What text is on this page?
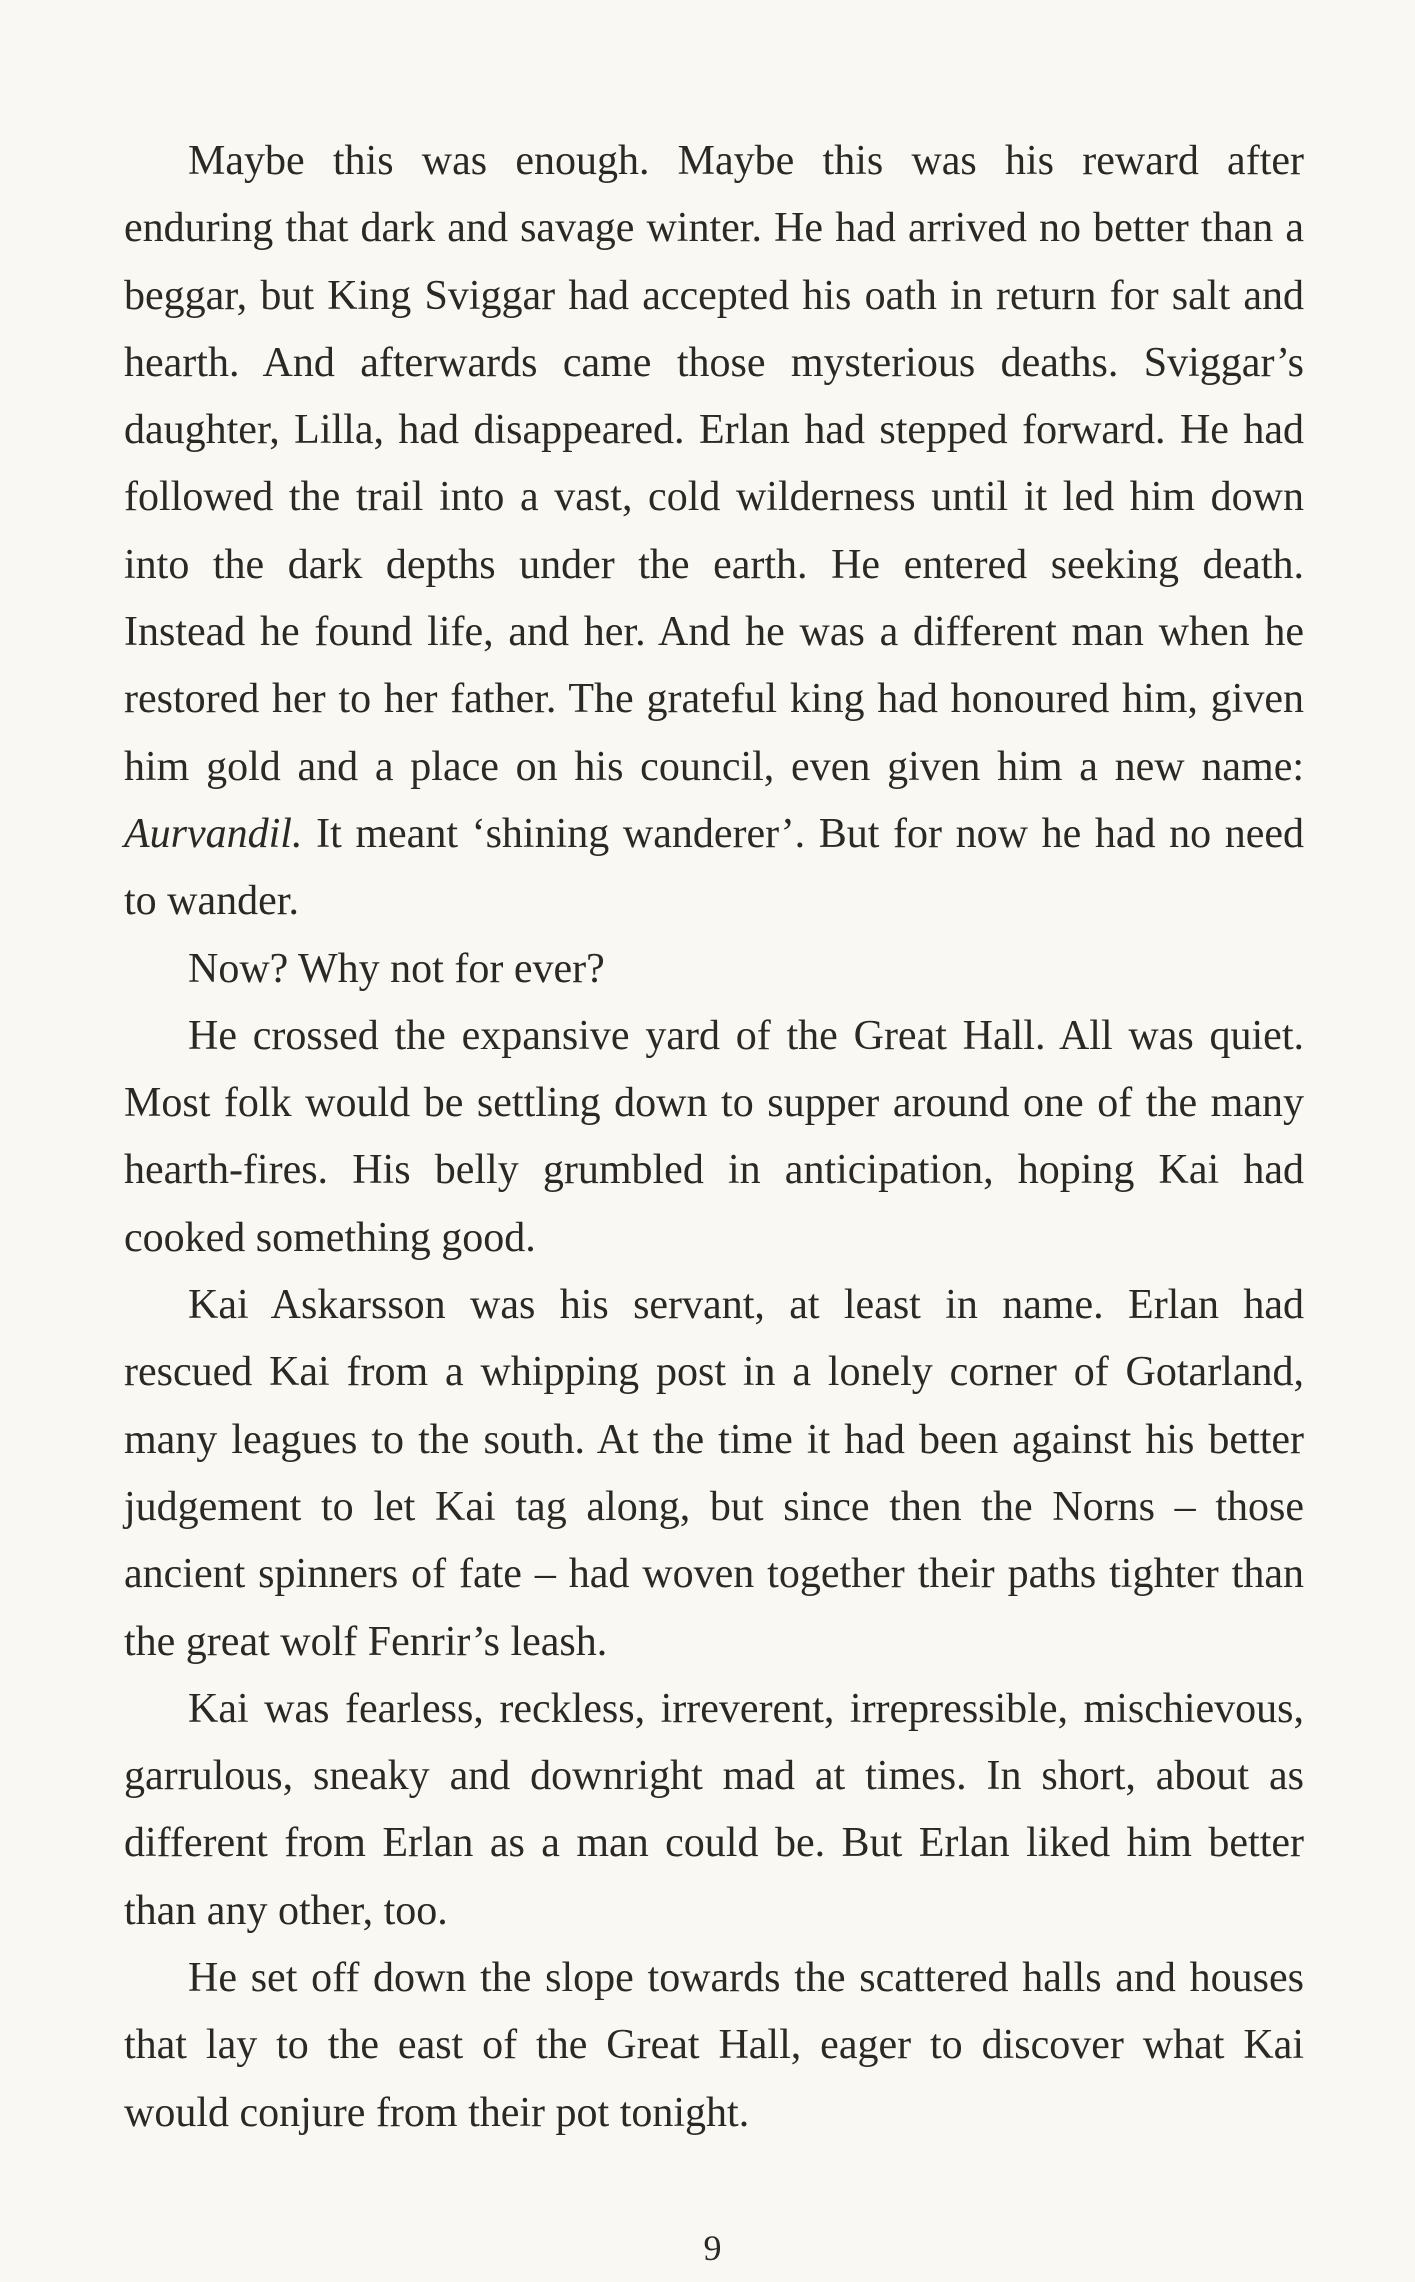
Maybe this was enough. Maybe this was his reward after enduring that dark and savage winter. He had arrived no better than a beggar, but King Sviggar had accepted his oath in return for salt and hearth. And afterwards came those mysterious deaths. Sviggar’s daughter, Lilla, had disappeared. Erlan had stepped forward. He had followed the trail into a vast, cold wilderness until it led him down into the dark depths under the earth. He entered seeking death. Instead he found life, and her. And he was a different man when he restored her to her father. The grateful king had honoured him, given him gold and a place on his council, even given him a new name: Aurvandil. It meant ‘shining wanderer’. But for now he had no need to wander.

Now? Why not for ever?

He crossed the expansive yard of the Great Hall. All was quiet. Most folk would be settling down to supper around one of the many hearth-fires. His belly grumbled in anticipation, hoping Kai had cooked something good.

Kai Askarsson was his servant, at least in name. Erlan had rescued Kai from a whipping post in a lonely corner of Gotarland, many leagues to the south. At the time it had been against his better judgement to let Kai tag along, but since then the Norns – those ancient spinners of fate – had woven together their paths tighter than the great wolf Fenrir’s leash.

Kai was fearless, reckless, irreverent, irrepressible, mischievous, garrulous, sneaky and downright mad at times. In short, about as different from Erlan as a man could be. But Erlan liked him better than any other, too.

He set off down the slope towards the scattered halls and houses that lay to the east of the Great Hall, eager to discover what Kai would conjure from their pot tonight.

9
